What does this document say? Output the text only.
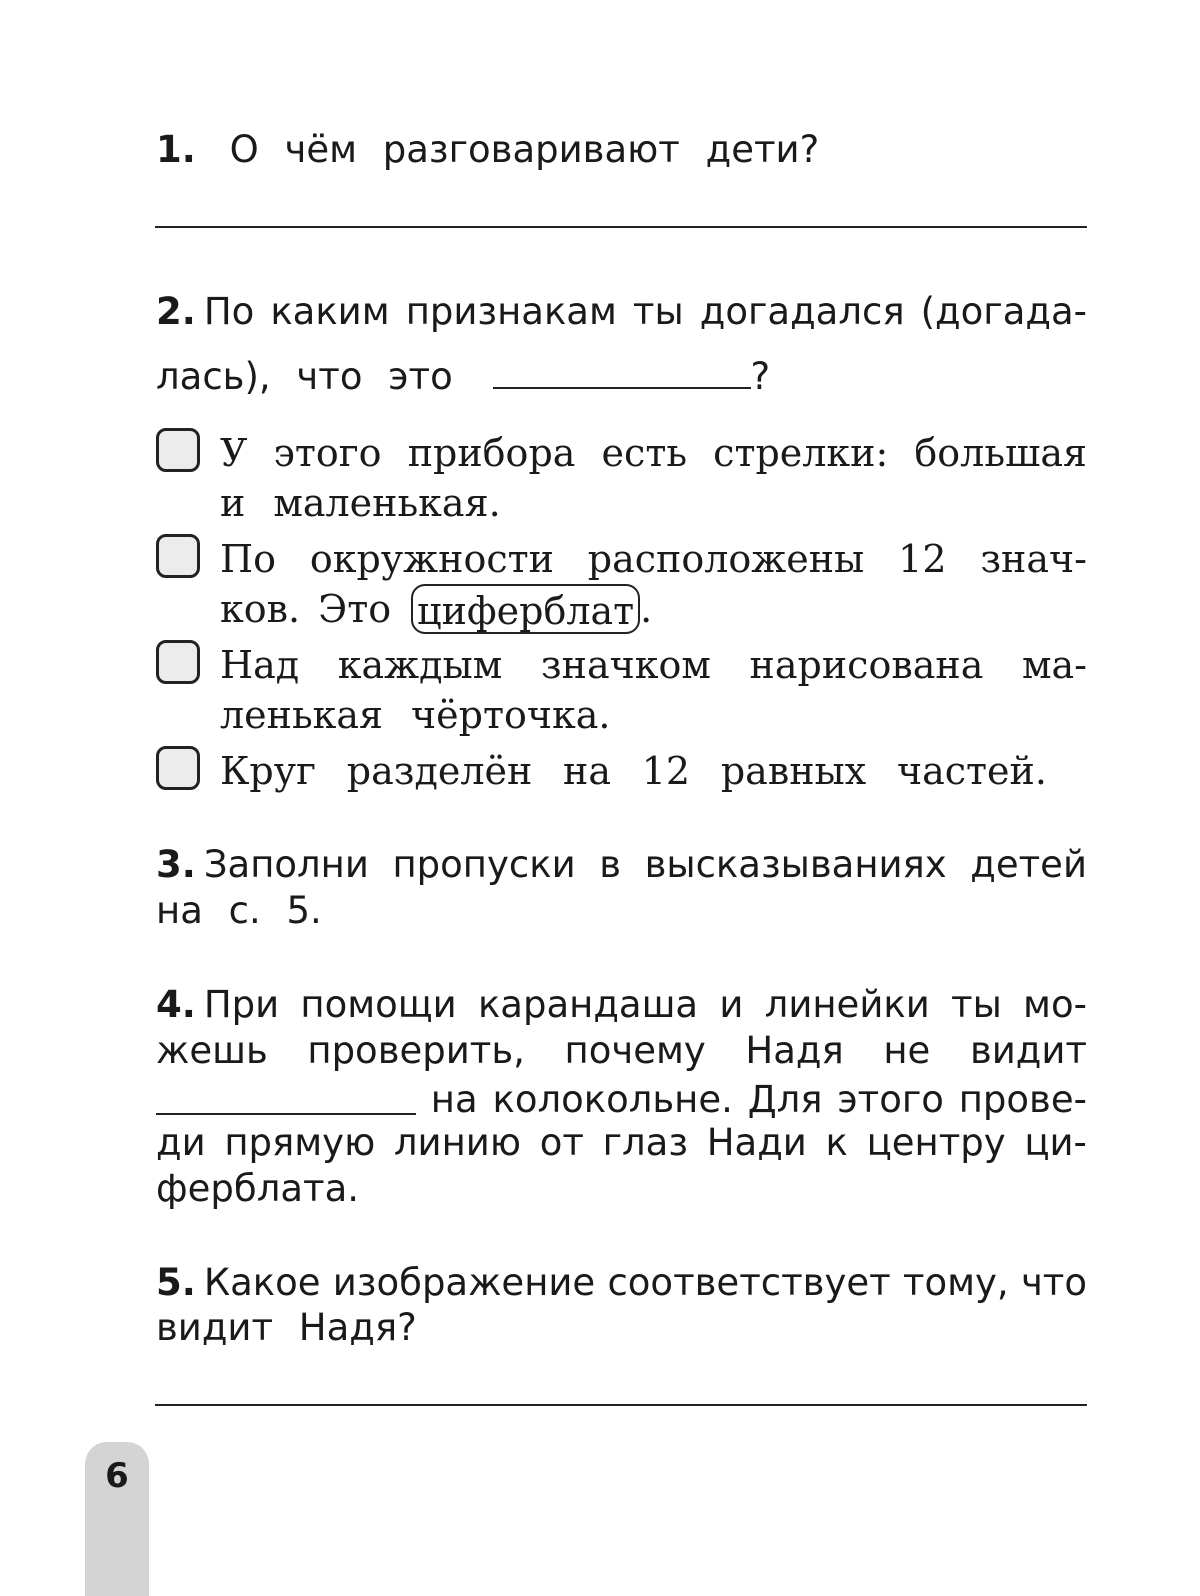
1. О чём разговаривают дети?
2. По каким признакам ты догадался (догада-
лась), что это	?
У этого прибора есть стрелки: большая
и маленькая.
По окружности расположены 12 знач-
ков. Это циферблат .
Над каждым значком нарисована ма-
ленькая чёрточка.
Круг разделён на 12 равных частей.
3. Заполни пропуски в высказываниях детей
на с. 5.
4. При помощи карандаша и линейки ты мо-
жешь проверить, почему Надя не видит
на колокольне. Для этого прове-
ди прямую линию от глаз Нади к центру ци-
ферблата.
5. Какое изображение соответствует тому, что
видит Надя?
6
